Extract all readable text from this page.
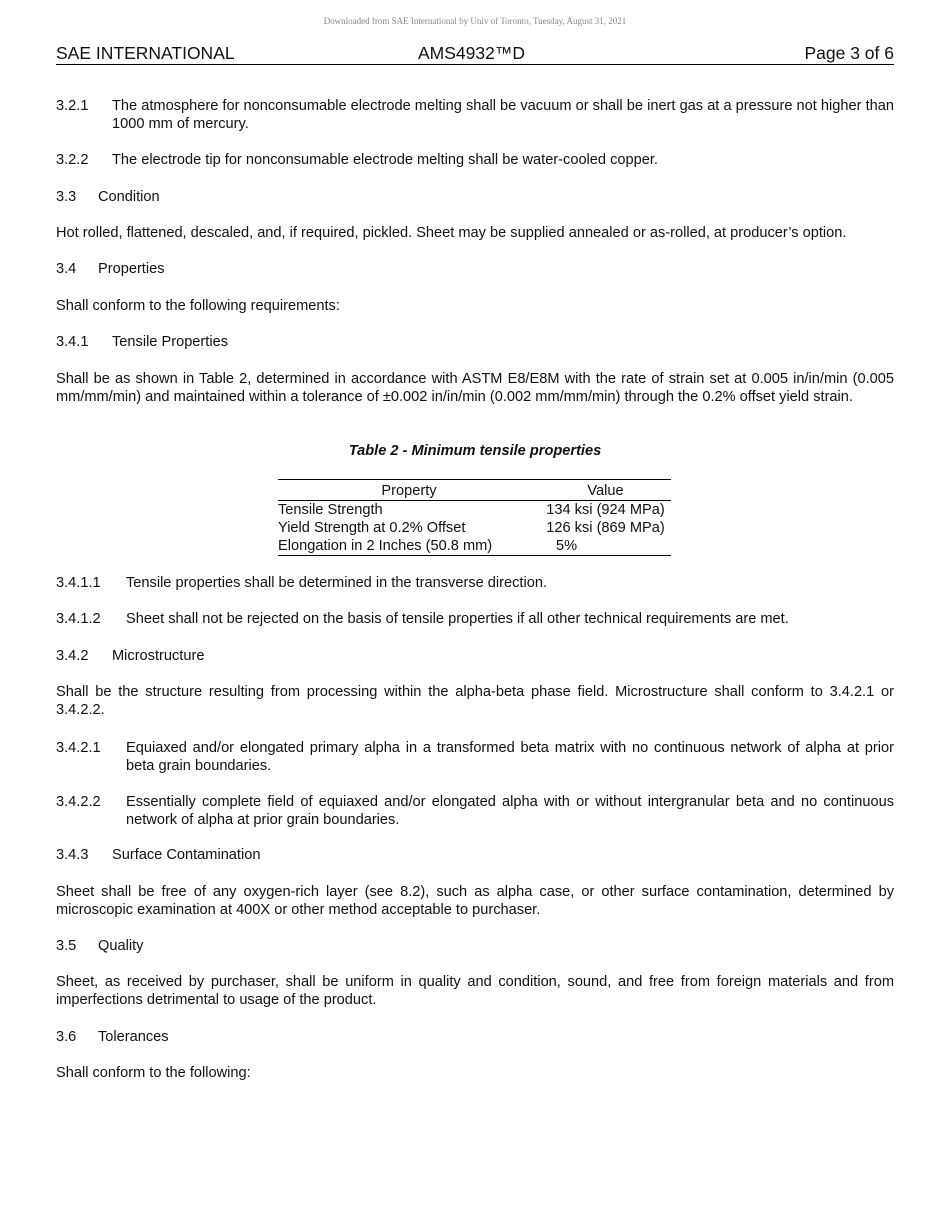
Downloaded from SAE International by Univ of Toronto, Tuesday, August 31, 2021
SAE INTERNATIONAL	AMS4932™D	Page 3 of 6
3.2.1 The atmosphere for nonconsumable electrode melting shall be vacuum or shall be inert gas at a pressure not higher than 1000 mm of mercury.
3.2.2 The electrode tip for nonconsumable electrode melting shall be water-cooled copper.
3.3 Condition
Hot rolled, flattened, descaled, and, if required, pickled. Sheet may be supplied annealed or as-rolled, at producer’s option.
3.4 Properties
Shall conform to the following requirements:
3.4.1 Tensile Properties
Shall be as shown in Table 2, determined in accordance with ASTM E8/E8M with the rate of strain set at 0.005 in/in/min (0.005 mm/mm/min) and maintained within a tolerance of ±0.002 in/in/min (0.002 mm/mm/min) through the 0.2% offset yield strain.
Table 2 - Minimum tensile properties
Property	Value
Tensile Strength	134 ksi (924 MPa)
Yield Strength at 0.2% Offset	126 ksi (869 MPa)
Elongation in 2 Inches (50.8 mm)	5%
3.4.1.1 Tensile properties shall be determined in the transverse direction.
3.4.1.2 Sheet shall not be rejected on the basis of tensile properties if all other technical requirements are met.
3.4.2 Microstructure
Shall be the structure resulting from processing within the alpha-beta phase field. Microstructure shall conform to 3.4.2.1 or 3.4.2.2.
3.4.2.1 Equiaxed and/or elongated primary alpha in a transformed beta matrix with no continuous network of alpha at prior beta grain boundaries.
3.4.2.2 Essentially complete field of equiaxed and/or elongated alpha with or without intergranular beta and no continuous network of alpha at prior grain boundaries.
3.4.3 Surface Contamination
Sheet shall be free of any oxygen-rich layer (see 8.2), such as alpha case, or other surface contamination, determined by microscopic examination at 400X or other method acceptable to purchaser.
3.5 Quality
Sheet, as received by purchaser, shall be uniform in quality and condition, sound, and free from foreign materials and from imperfections detrimental to usage of the product.
3.6 Tolerances
Shall conform to the following:
